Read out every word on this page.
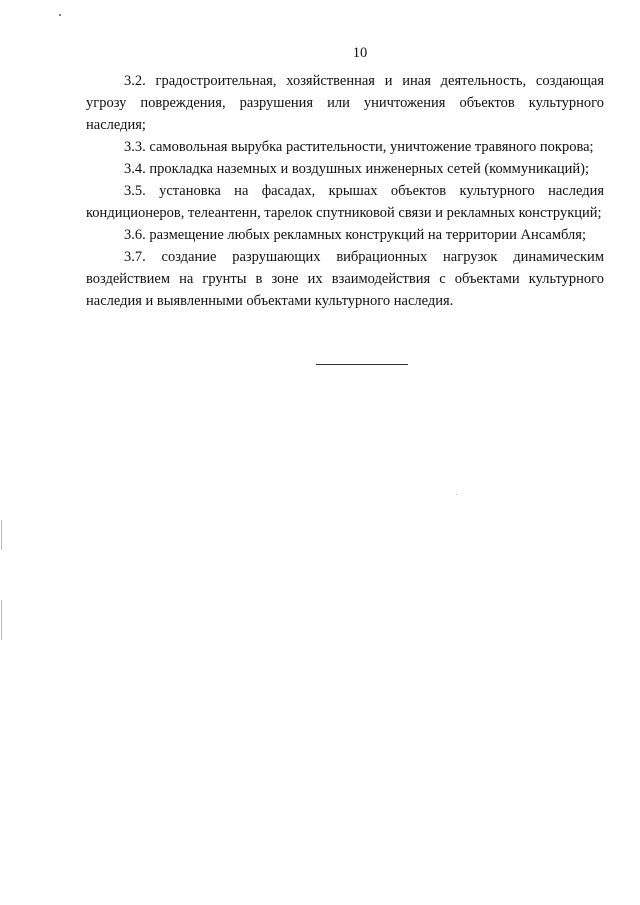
10

3.2. градостроительная, хозяйственная и иная деятельность, создающая угрозу повреждения, разрушения или уничтожения объектов культурного наследия;

3.3. самовольная вырубка растительности, уничтожение травяного покрова;

3.4. прокладка наземных и воздушных инженерных сетей (коммуникаций);

3.5. установка на фасадах, крышах объектов культурного наследия кондиционеров, телеантенн, тарелок спутниковой связи и рекламных конструкций;

3.6. размещение любых рекламных конструкций на территории Ансамбля;

3.7. создание разрушающих вибрационных нагрузок динамическим воздействием на грунты в зоне их взаимодействия с объектами культурного наследия и выявленными объектами культурного наследия.
